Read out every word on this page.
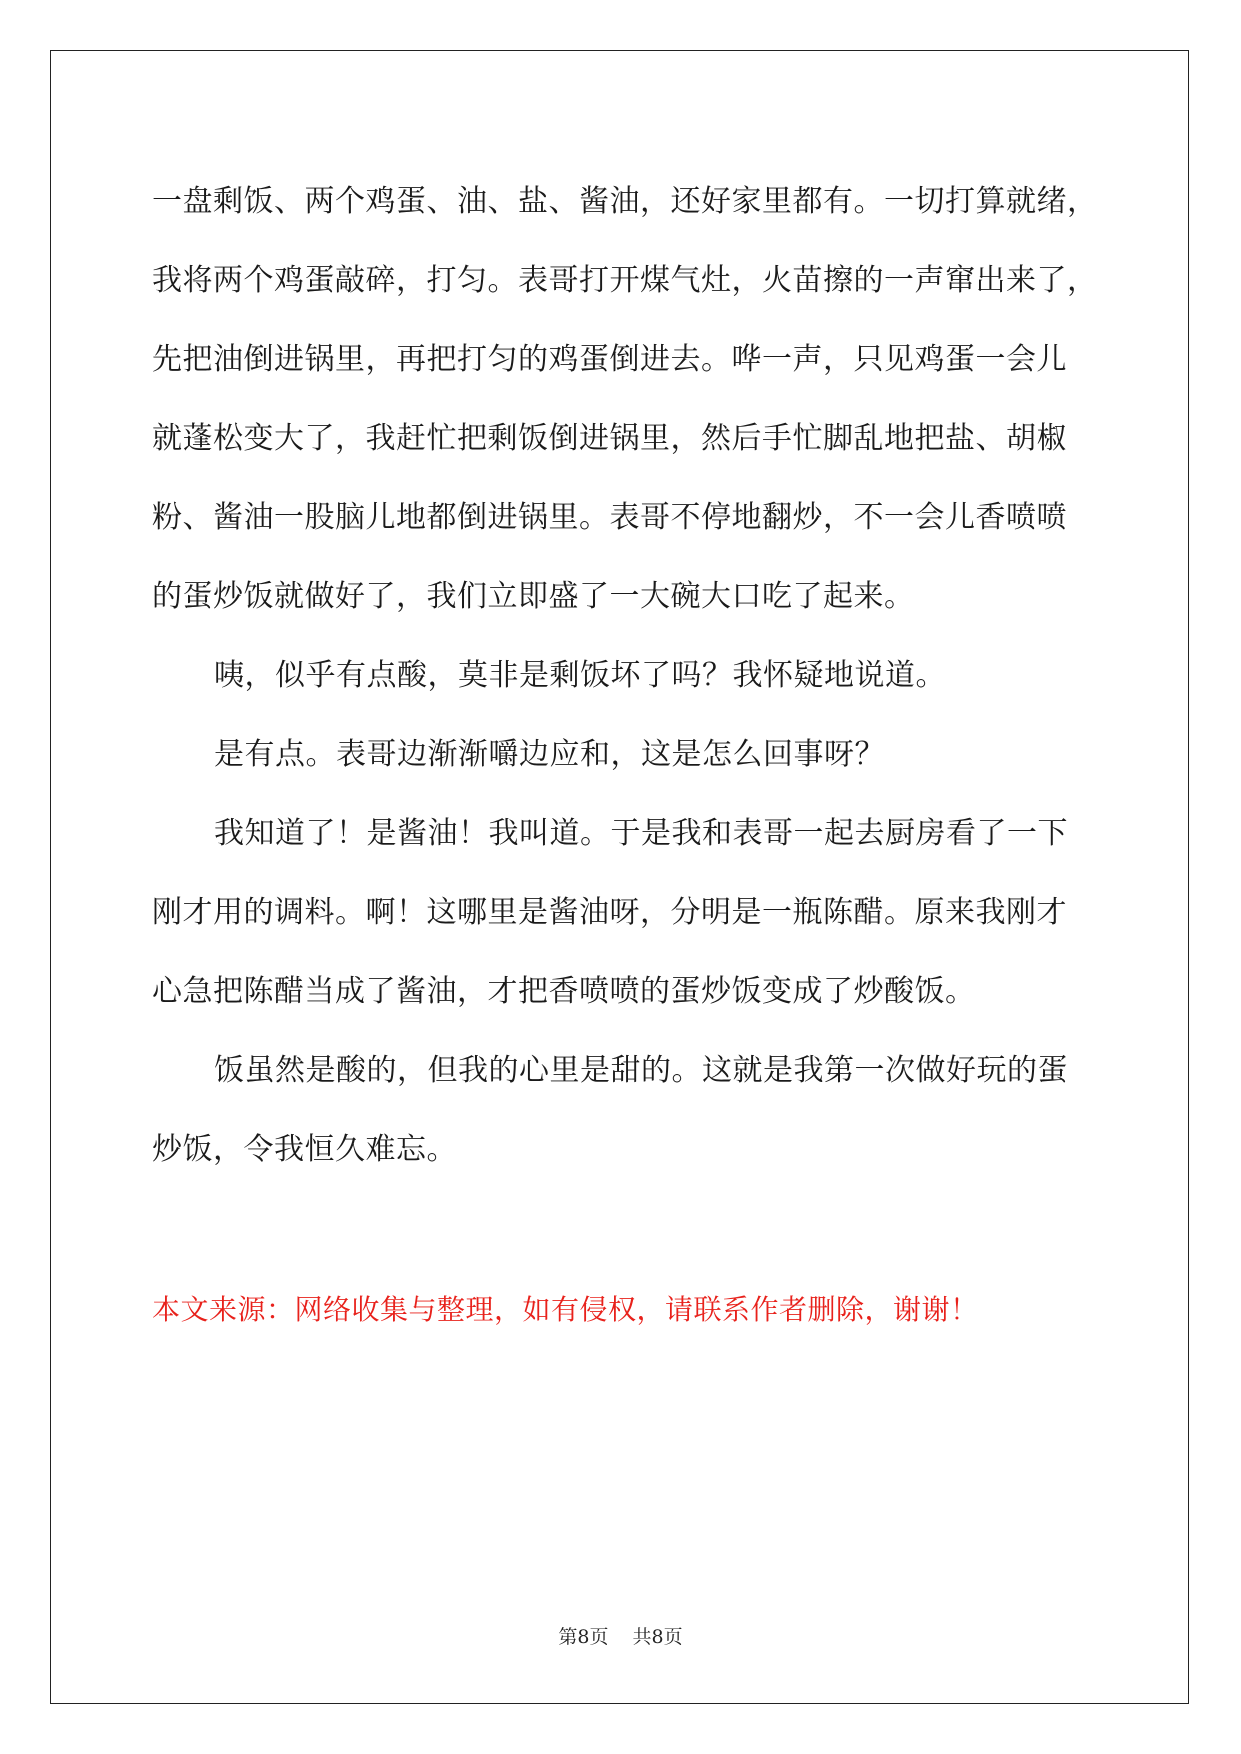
一盘剩饭、两个鸡蛋、油、盐、酱油，还好家里都有。一切打算就绪，
我将两个鸡蛋敲碎，打匀。表哥打开煤气灶，火苗擦的一声窜出来了，
先把油倒进锅里，再把打匀的鸡蛋倒进去。哗一声，只见鸡蛋一会儿
就蓬松变大了，我赶忙把剩饭倒进锅里，然后手忙脚乱地把盐、胡椒
粉、酱油一股脑儿地都倒进锅里。表哥不停地翻炒，不一会儿香喷喷
的蛋炒饭就做好了，我们立即盛了一大碗大口吃了起来。

咦，似乎有点酸，莫非是剩饭坏了吗？我怀疑地说道。

是有点。表哥边渐渐嚼边应和，这是怎么回事呀？

我知道了！是酱油！我叫道。于是我和表哥一起去厨房看了一下
刚才用的调料。啊！这哪里是酱油呀，分明是一瓶陈醋。原来我刚才
心急把陈醋当成了酱油，才把香喷喷的蛋炒饭变成了炒酸饭。

饭虽然是酸的，但我的心里是甜的。这就是我第一次做好玩的蛋
炒饭，令我恒久难忘。

本文来源：网络收集与整理，如有侵权，请联系作者删除，谢谢！
第8页 共8页
